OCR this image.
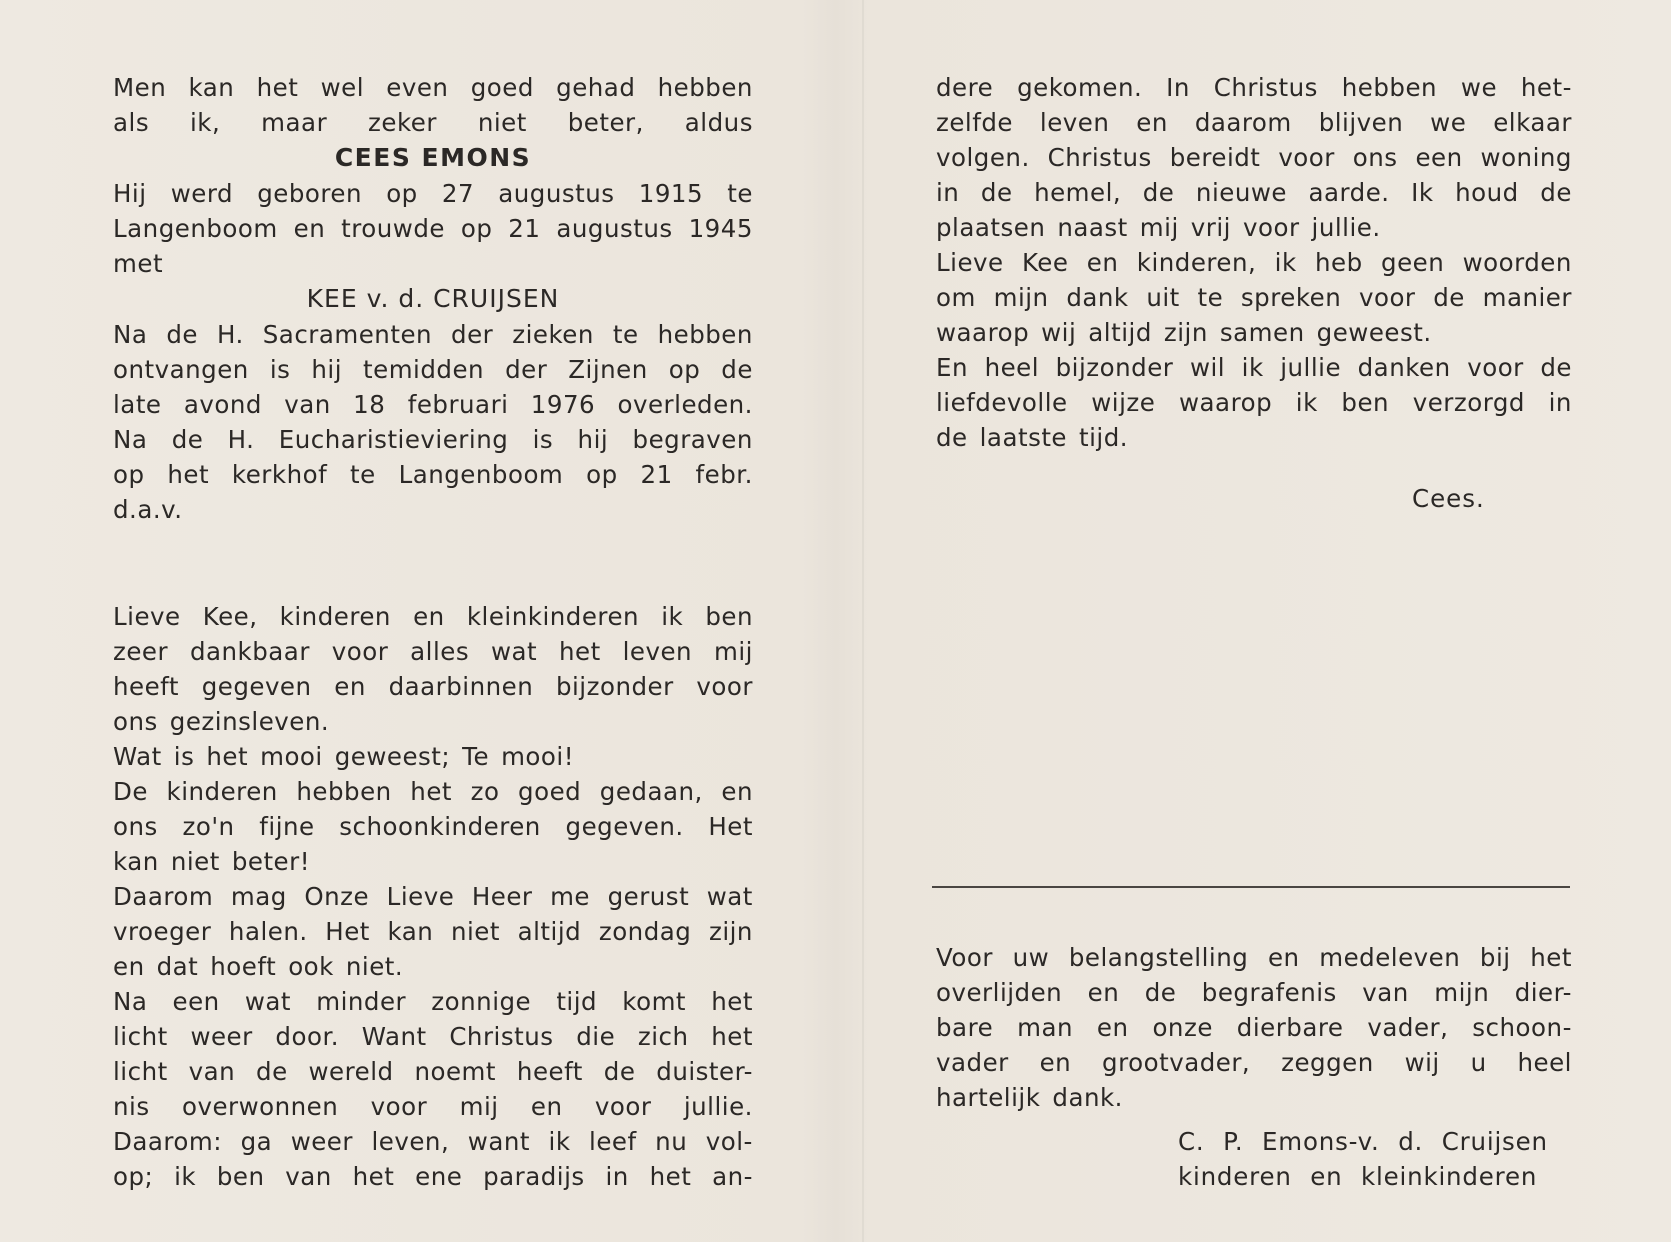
Men kan het wel even goed gehad hebben
als ik, maar zeker niet beter, aldus
CEES EMONS
Hij werd geboren op 27 augustus 1915 te
Langenboom en trouwde op 21 augustus 1945
met
KEE v. d. CRUIJSEN
Na de H. Sacramenten der zieken te hebben
ontvangen is hij temidden der Zijnen op de
late avond van 18 februari 1976 overleden.
Na de H. Eucharistieviering is hij begraven
op het kerkhof te Langenboom op 21 febr.
d.a.v.
Lieve Kee, kinderen en kleinkinderen ik ben
zeer dankbaar voor alles wat het leven mij
heeft gegeven en daarbinnen bijzonder voor
ons gezinsleven.
Wat is het mooi geweest; Te mooi!
De kinderen hebben het zo goed gedaan, en
ons zo'n fijne schoonkinderen gegeven. Het
kan niet beter!
Daarom mag Onze Lieve Heer me gerust wat
vroeger halen. Het kan niet altijd zondag zijn
en dat hoeft ook niet.
Na een wat minder zonnige tijd komt het
licht weer door. Want Christus die zich het
licht van de wereld noemt heeft de duister-
nis overwonnen voor mij en voor jullie.
Daarom: ga weer leven, want ik leef nu vol-
op; ik ben van het ene paradijs in het an-
dere gekomen. In Christus hebben we het-
zelfde leven en daarom blijven we elkaar
volgen. Christus bereidt voor ons een woning
in de hemel, de nieuwe aarde. Ik houd de
plaatsen naast mij vrij voor jullie.
Lieve Kee en kinderen, ik heb geen woorden
om mijn dank uit te spreken voor de manier
waarop wij altijd zijn samen geweest.
En heel bijzonder wil ik jullie danken voor de
liefdevolle wijze waarop ik ben verzorgd in
de laatste tijd.
Cees.
Voor uw belangstelling en medeleven bij het
overlijden en de begrafenis van mijn dier-
bare man en onze dierbare vader, schoon-
vader en grootvader, zeggen wij u heel
hartelijk dank.
C. P. Emons-v. d. Cruijsen
kinderen en kleinkinderen
